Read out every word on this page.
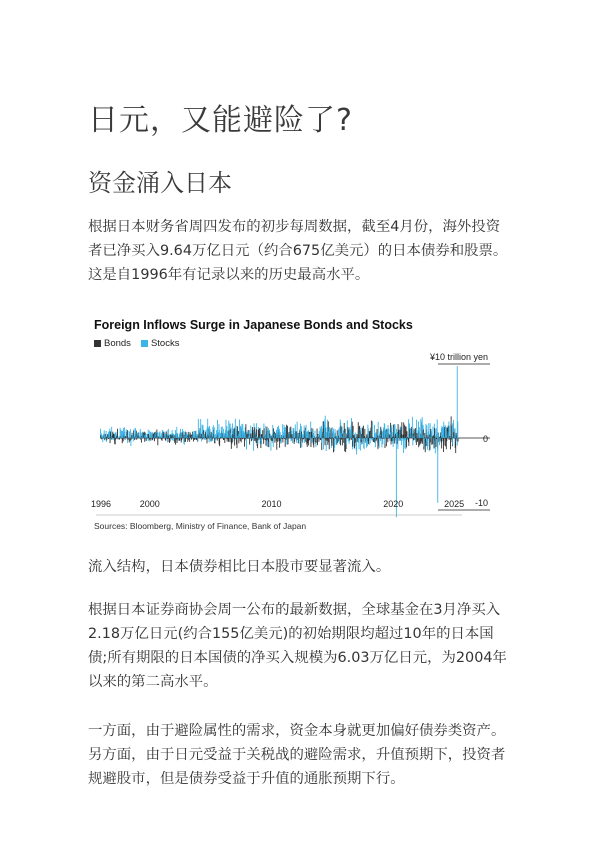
日元，又能避险了?
资金涌入日本

根据日本财务省周四发布的初步每周数据，截至4月份，海外投资者已净买入9.64万亿日元（约合675亿美元）的日本债券和股票。这是自1996年有记录以来的历史最高水平。

Foreign Inflows Surge in Japanese Bonds and Stocks
Bonds Stocks
¥10 trillion yen
0
-10
1996	2000	2010	2020	2025
Sources: Bloomberg, Ministry of Finance, Bank of Japan

流入结构，日本债券相比日本股市要显著流入。

根据日本证券商协会周一公布的最新数据，全球基金在3月净买入2.18万亿日元(约合155亿美元)的初始期限均超过10年的日本国债;所有期限的日本国债的净买入规模为6.03万亿日元，为2004年以来的第二高水平。

一方面，由于避险属性的需求，资金本身就更加偏好债券类资产。另方面，由于日元受益于关税战的避险需求，升值预期下，投资者规避股市，但是债券受益于升值的通胀预期下行。
